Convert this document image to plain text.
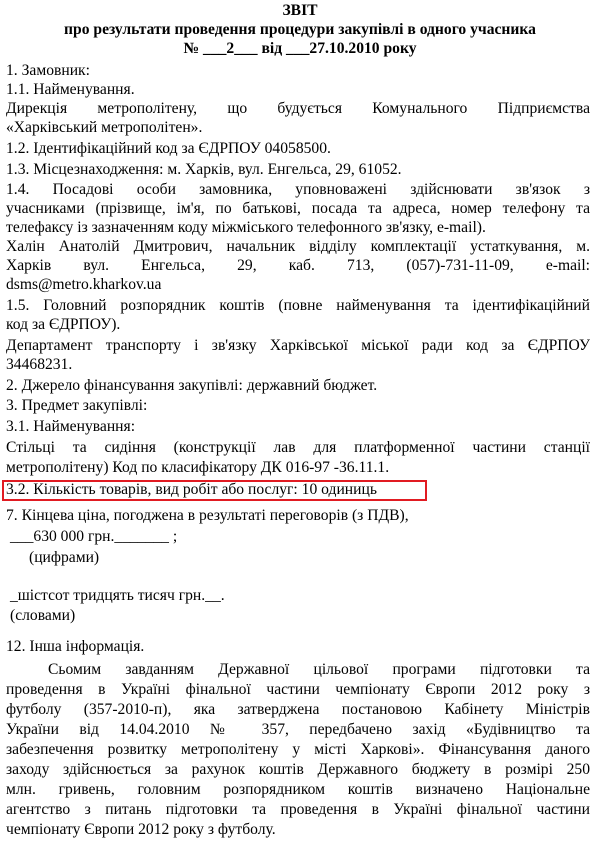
ЗВІТ
про результати проведення процедури закупівлі в одного учасника
№ ___2___ від ___27.10.2010 року
1. Замовник:
1.1. Найменування.
Дирекція метрополітену, що будується Комунального Підприємства
«Харківський метрополітен».
1.2. Ідентифікаційний код за ЄДРПОУ 04058500.
1.3. Місцезнаходження: м. Харків, вул. Енгельса, 29, 61052.
1.4. Посадові особи замовника, уповноважені здійснювати зв'язок з
учасниками (прізвище, ім'я, по батькові, посада та адреса, номер телефону та
телефаксу із зазначенням коду міжміського телефонного зв'язку, e-mail).
Халін Анатолій Дмитрович, начальник відділу комплектації устаткування, м.
Харків вул. Енгельса, 29, каб. 713, (057)-731-11-09, e-mail:
dsms@metro.kharkov.ua
1.5. Головний розпорядник коштів (повне найменування та ідентифікаційний
код за ЄДРПОУ).
Департамент транспорту і зв'язку Харківської міської ради код за ЄДРПОУ
34468231.
2. Джерело фінансування закупівлі: державний бюджет.
3. Предмет закупівлі:
3.1. Найменування:
Стільці та сидіння (конструкції лав для платформенної частини станції
метрополітену) Код по класифікатору ДК 016-97 -36.11.1.
3.2. Кількість товарів, вид робіт або послуг: 10 одиниць
7. Кінцева ціна, погоджена в результаті переговорів (з ПДВ),
___630 000 грн._______ ;
(цифрами)
_шістсот тридцять тисяч грн.__.
(словами)
12. Інша інформація.
Сьомим завданням Державної цільової програми підготовки та
проведення в Україні фінальної частини чемпіонату Європи 2012 року з
футболу (357-2010-п), яка затверджена постановою Кабінету Міністрів
України від 14.04.2010 № 357, передбачено захід «Будівництво та
забезпечення розвитку метрополітену у місті Харкові». Фінансування даного
заходу здійснюється за рахунок коштів Державного бюджету в розмірі 250
млн. гривень, головним розпорядником коштів визначено Національне
агентство з питань підготовки та проведення в Україні фінальної частини
чемпіонату Європи 2012 року з футболу.
